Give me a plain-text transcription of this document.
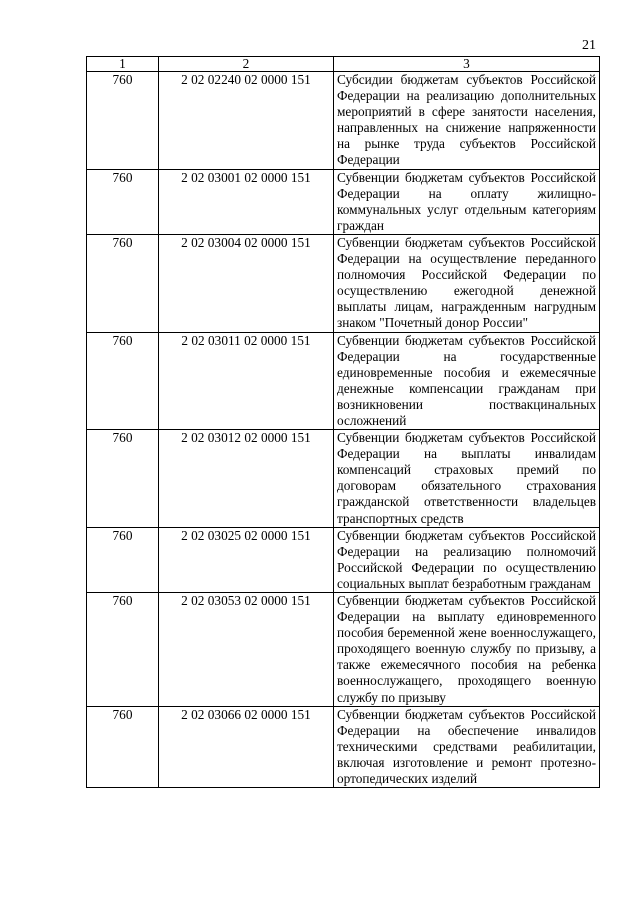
21
1	2	3
760	2 02 02240 02 0000 151	Субсидии бюджетам субъектов Российской Федерации на реализацию дополнительных мероприятий в сфере занятости населения, направленных на снижение напряженности на рынке труда субъектов Российской Федерации
760	2 02 03001 02 0000 151	Субвенции бюджетам субъектов Российской Федерации на оплату жилищно-коммунальных услуг отдельным категориям граждан
760	2 02 03004 02 0000 151	Субвенции бюджетам субъектов Российской Федерации на осуществление переданного полномочия Российской Федерации по осуществлению ежегодной денежной выплаты лицам, награжденным нагрудным знаком "Почетный донор России"
760	2 02 03011 02 0000 151	Субвенции бюджетам субъектов Российской Федерации на государственные единовременные пособия и ежемесячные денежные компенсации гражданам при возникновении поствакцинальных осложнений
760	2 02 03012 02 0000 151	Субвенции бюджетам субъектов Российской Федерации на выплаты инвалидам компенсаций страховых премий по договорам обязательного страхования гражданской ответственности владельцев транспортных средств
760	2 02 03025 02 0000 151	Субвенции бюджетам субъектов Российской Федерации на реализацию полномочий Российской Федерации по осуществлению социальных выплат безработным гражданам
760	2 02 03053 02 0000 151	Субвенции бюджетам субъектов Российской Федерации на выплату единовременного пособия беременной жене военнослужащего, проходящего военную службу по призыву, а также ежемесячного пособия на ребенка военнослужащего, проходящего военную службу по призыву
760	2 02 03066 02 0000 151	Субвенции бюджетам субъектов Российской Федерации на обеспечение инвалидов техническими средствами реабилитации, включая изготовление и ремонт протезно-ортопедических изделий
